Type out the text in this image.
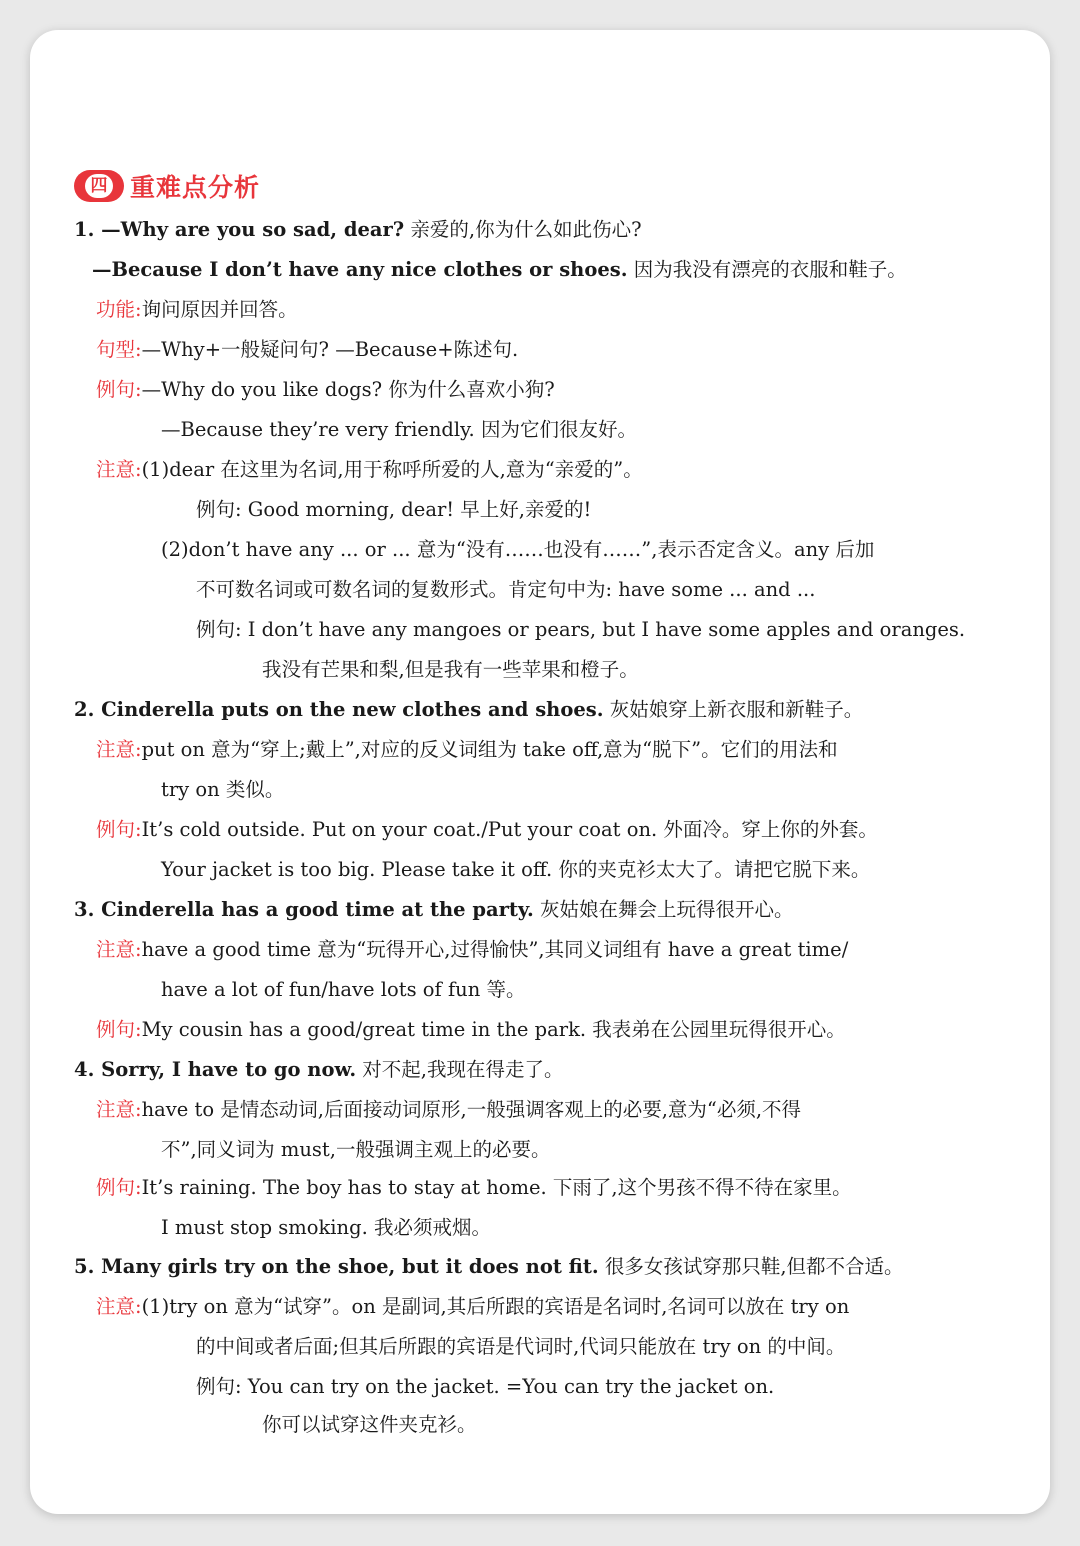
四 重难点分析
1. —Why are you so sad, dear? 亲爱的,你为什么如此伤心?
—Because I don’t have any nice clothes or shoes. 因为我没有漂亮的衣服和鞋子。
功能:询问原因并回答。
句型:—Why+一般疑问句? —Because+陈述句.
例句:—Why do you like dogs? 你为什么喜欢小狗?
—Because they’re very friendly. 因为它们很友好。
注意:(1)dear 在这里为名词,用于称呼所爱的人,意为“亲爱的”。
例句: Good morning, dear! 早上好,亲爱的!
(2)don’t have any ... or ... 意为“没有……也没有……”,表示否定含义。any 后加
不可数名词或可数名词的复数形式。肯定句中为: have some ... and ...
例句: I don’t have any mangoes or pears, but I have some apples and oranges.
我没有芒果和梨,但是我有一些苹果和橙子。
2. Cinderella puts on the new clothes and shoes. 灰姑娘穿上新衣服和新鞋子。
注意:put on 意为“穿上;戴上”,对应的反义词组为 take off,意为“脱下”。它们的用法和
try on 类似。
例句:It’s cold outside. Put on your coat./Put your coat on. 外面冷。穿上你的外套。
Your jacket is too big. Please take it off. 你的夹克衫太大了。请把它脱下来。
3. Cinderella has a good time at the party. 灰姑娘在舞会上玩得很开心。
注意:have a good time 意为“玩得开心,过得愉快”,其同义词组有 have a great time/
have a lot of fun/have lots of fun 等。
例句:My cousin has a good/great time in the park. 我表弟在公园里玩得很开心。
4. Sorry, I have to go now. 对不起,我现在得走了。
注意:have to 是情态动词,后面接动词原形,一般强调客观上的必要,意为“必须,不得
不”,同义词为 must,一般强调主观上的必要。
例句:It’s raining. The boy has to stay at home. 下雨了,这个男孩不得不待在家里。
I must stop smoking. 我必须戒烟。
5. Many girls try on the shoe, but it does not fit. 很多女孩试穿那只鞋,但都不合适。
注意:(1)try on 意为“试穿”。on 是副词,其后所跟的宾语是名词时,名词可以放在 try on
的中间或者后面;但其后所跟的宾语是代词时,代词只能放在 try on 的中间。
例句: You can try on the jacket. =You can try the jacket on.
你可以试穿这件夹克衫。
